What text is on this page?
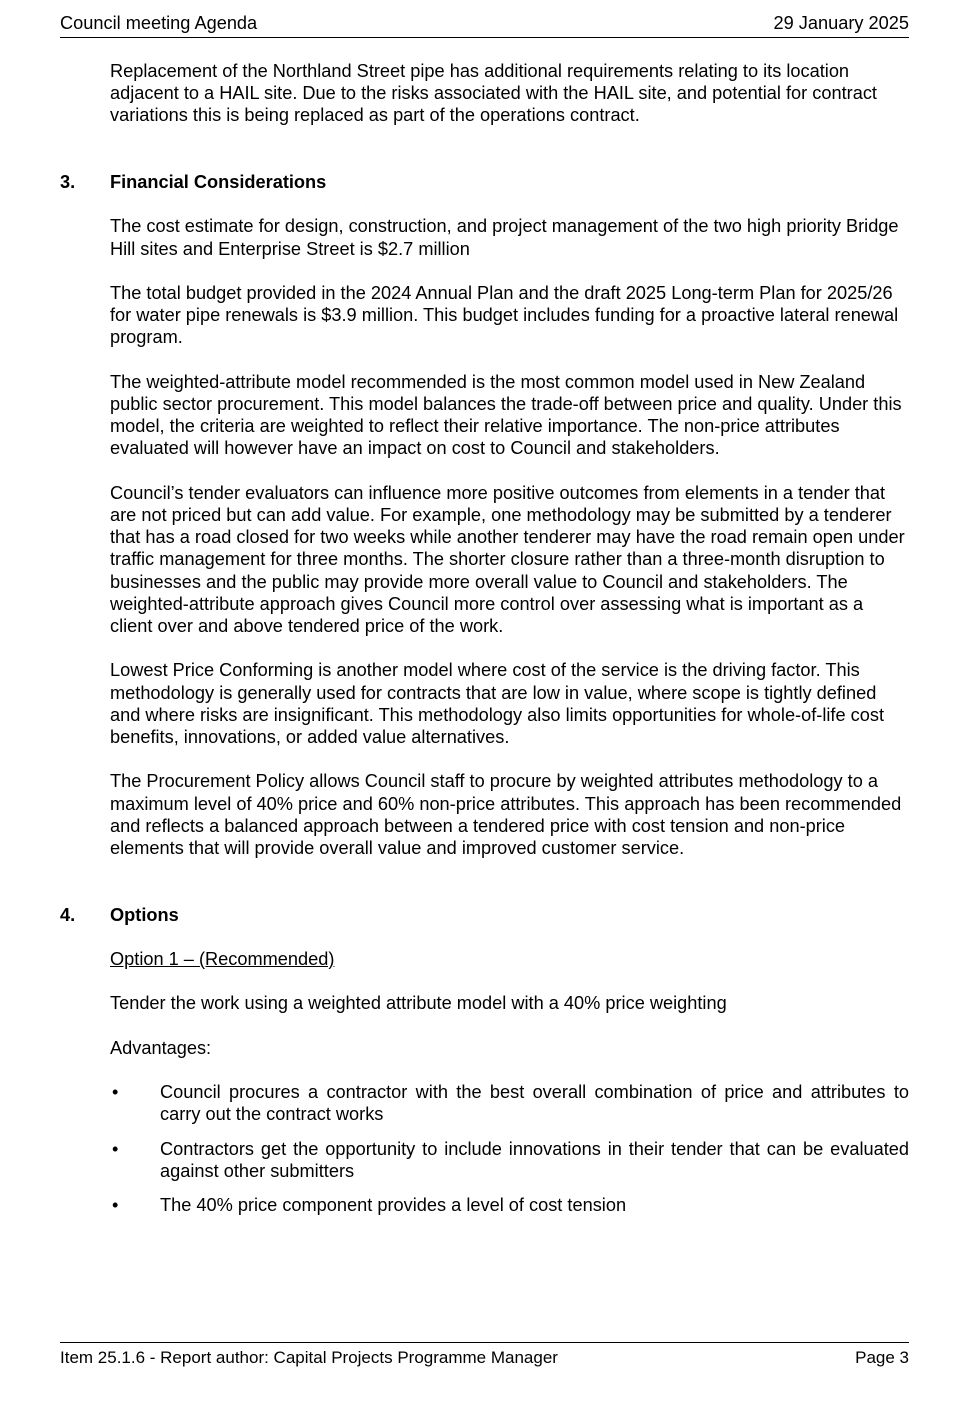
Council meeting Agenda	29 January 2025

Replacement of the Northland Street pipe has additional requirements relating to its location adjacent to a HAIL site. Due to the risks associated with the HAIL site, and potential for contract variations this is being replaced as part of the operations contract.

3.	Financial Considerations

The cost estimate for design, construction, and project management of the two high priority Bridge Hill sites and Enterprise Street is $2.7 million

The total budget provided in the 2024 Annual Plan and the draft 2025 Long-term Plan for 2025/26 for water pipe renewals is $3.9 million. This budget includes funding for a proactive lateral renewal program.

The weighted-attribute model recommended is the most common model used in New Zealand public sector procurement. This model balances the trade-off between price and quality. Under this model, the criteria are weighted to reflect their relative importance. The non-price attributes evaluated will however have an impact on cost to Council and stakeholders.

Council’s tender evaluators can influence more positive outcomes from elements in a tender that are not priced but can add value. For example, one methodology may be submitted by a tenderer that has a road closed for two weeks while another tenderer may have the road remain open under traffic management for three months. The shorter closure rather than a three-month disruption to businesses and the public may provide more overall value to Council and stakeholders. The weighted-attribute approach gives Council more control over assessing what is important as a client over and above tendered price of the work.

Lowest Price Conforming is another model where cost of the service is the driving factor. This methodology is generally used for contracts that are low in value, where scope is tightly defined and where risks are insignificant. This methodology also limits opportunities for whole-of-life cost benefits, innovations, or added value alternatives.

The Procurement Policy allows Council staff to procure by weighted attributes methodology to a maximum level of 40% price and 60% non-price attributes. This approach has been recommended and reflects a balanced approach between a tendered price with cost tension and non-price elements that will provide overall value and improved customer service.

4.	Options

Option 1 – (Recommended)

Tender the work using a weighted attribute model with a 40% price weighting

Advantages:

• Council procures a contractor with the best overall combination of price and attributes to carry out the contract works
• Contractors get the opportunity to include innovations in their tender that can be evaluated against other submitters
• The 40% price component provides a level of cost tension
Item 25.1.6 - Report author: Capital Projects Programme Manager	Page 3
